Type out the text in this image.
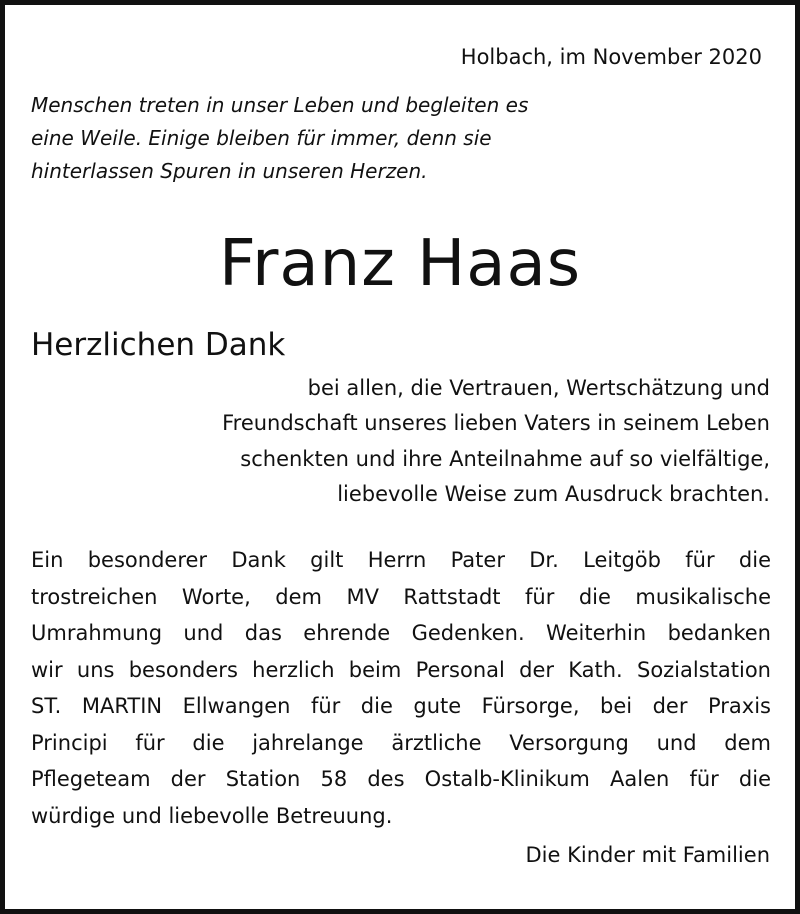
Holbach, im November 2020
Menschen treten in unser Leben und begleiten es
eine Weile. Einige bleiben für immer, denn sie
hinterlassen Spuren in unseren Herzen.
Franz Haas
Herzlichen Dank
bei allen, die Vertrauen, Wertschätzung und
Freundschaft unseres lieben Vaters in seinem Leben
schenkten und ihre Anteilnahme auf so vielfältige,
liebevolle Weise zum Ausdruck brachten.
Ein besonderer Dank gilt Herrn Pater Dr. Leitgöb für die
trostreichen Worte, dem MV Rattstadt für die musikalische
Umrahmung und das ehrende Gedenken. Weiterhin bedanken
wir uns besonders herzlich beim Personal der Kath. Sozialstation
ST. MARTIN Ellwangen für die gute Fürsorge, bei der Praxis
Principi für die jahrelange ärztliche Versorgung und dem
Pflegeteam der Station 58 des Ostalb-Klinikum Aalen für die
würdige und liebevolle Betreuung.
Die Kinder mit Familien
